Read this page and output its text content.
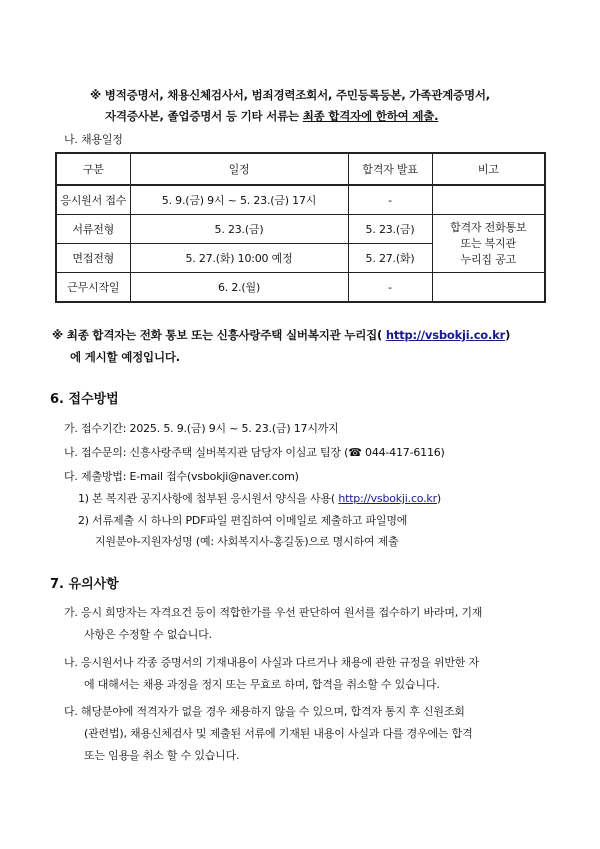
※ 병적증명서, 채용신체검사서, 범죄경력조회서, 주민등록등본, 가족관계증명서,
자격증사본, 졸업증명서 등 기타 서류는 최종 합격자에 한하여 제출.
나. 채용일정
구분	일정	합격자 발표	비고
응시원서 접수	5. 9.(금) 9시 ~ 5. 23.(금) 17시	-	
서류전형	5. 23.(금)	5. 23.(금)	합격자 전화통보
또는 복지관
누리집 공고

면접전형	5. 27.(화) 10:00 예정	5. 27.(화)	
근무시작일	6. 2.(월)	-	
※ 최종 합격자는 전화 통보 또는 신흥사랑주택 실버복지관 누리집( http://vsbokji.co.kr)
에 게시할 예정입니다.
6. 접수방법
가. 접수기간: 2025. 5. 9.(금) 9시 ~ 5. 23.(금) 17시까지
나. 접수문의: 신흥사랑주택 실버복지관 담당자 이심교 팀장 (☎ 044-417-6116)
다. 제출방법: E-mail 접수(vsbokji@naver.com)
1) 본 복지관 공지사항에 첨부된 응시원서 양식을 사용( http://vsbokji.co.kr)
2) 서류제출 시 하나의 PDF파일 편집하여 이메일로 제출하고 파일명에
지원분야-지원자성명 (예: 사회복지사-홍길동)으로 명시하여 제출
7. 유의사항
가. 응시 희망자는 자격요건 등이 적합한가를 우선 판단하여 원서를 접수하기 바라며, 기재
사항은 수정할 수 없습니다.
나. 응시원서나 각종 증명서의 기재내용이 사실과 다르거나 채용에 관한 규정을 위반한 자
에 대해서는 채용 과정을 정지 또는 무효로 하며, 합격을 취소할 수 있습니다.
다. 해당분야에 적격자가 없을 경우 채용하지 않을 수 있으며, 합격자 통지 후 신원조회
(관련법), 채용신체검사 및 제출된 서류에 기재된 내용이 사실과 다를 경우에는 합격
또는 임용을 취소 할 수 있습니다.
